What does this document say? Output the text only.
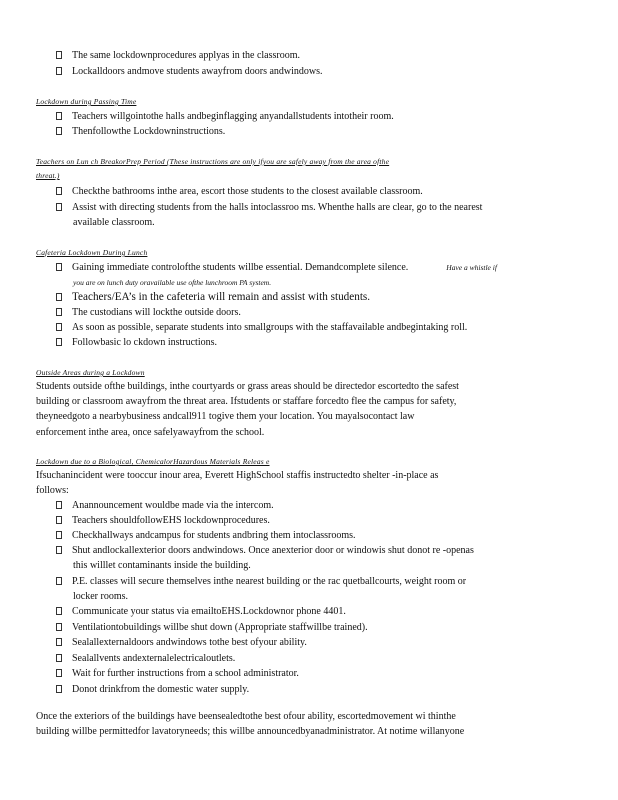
The same lockdownprocedures applyas in the classroom.
Lockalldoors andmove students awayfrom doors andwindows.
Lockdown during Passing Time
Teachers willgointothe halls andbeginflagging anyandallstudents intotheir room.
Thenfollowthe Lockdowninstructions.
Teachers on Lun ch BreakorPrep Period (These instructions are only ifyou are safely away from the area ofthe
threat.)
Checkthe bathrooms inthe area, escort those students to the closest available classroom.
Assist with directing students from the halls intoclassroo ms. Whenthe halls are clear, go to the nearest
available classroom.
Cafeteria Lockdown During Lunch
Gaining immediate controlofthe students willbe essential. Demandcomplete silence.	Have a whistle if
you are on lunch duty oravailable use ofthe lunchroom PA system.
Teachers/EA’s in the cafeteria will remain and assist with students.
The custodians will lockthe outside doors.
As soon as possible, separate students into smallgroups with the staffavailable andbegintaking roll.
Followbasic lo ckdown instructions.
Outside Areas during a Lockdown
Students outside ofthe buildings, inthe courtyards or grass areas should be directedor escortedto the safest
building or classroom awayfrom the threat area. Ifstudents or staffare forcedto flee the campus for safety,
theyneedgoto a nearbybusiness andcall911 togive them your location. You mayalsocontact law
enforcement inthe area, once safelyawayfrom the school.
Lockdown due to a Biological, ChemicalorHazardous Materials Releas e
Ifsuchanincident were tooccur inour area, Everett HighSchool staffis instructedto shelter -in-place as
follows:
Anannouncement wouldbe made via the intercom.
Teachers shouldfollowEHS lockdownprocedures.
Checkhallways andcampus for students andbring them intoclassrooms.
Shut andlockallexterior doors andwindows. Once anexterior door or windowis shut donot re -openas
this willlet contaminants inside the building.
P.E. classes will secure themselves inthe nearest building or the rac quetballcourts, weight room or
locker rooms.
Communicate your status via emailtoEHS.Lockdownor phone 4401.
Ventilationtobuildings willbe shut down (Appropriate staffwillbe trained).
Sealallexternaldoors andwindows tothe best ofyour ability.
Sealallvents andexternalelectricaloutlets.
Wait for further instructions from a school administrator.
Donot drinkfrom the domestic water supply.
Once the exteriors of the buildings have beensealedtothe best ofour ability, escortedmovement wi thinthe
building willbe permittedfor lavatoryneeds; this willbe announcedbyanadministrator. At notime willanyone
